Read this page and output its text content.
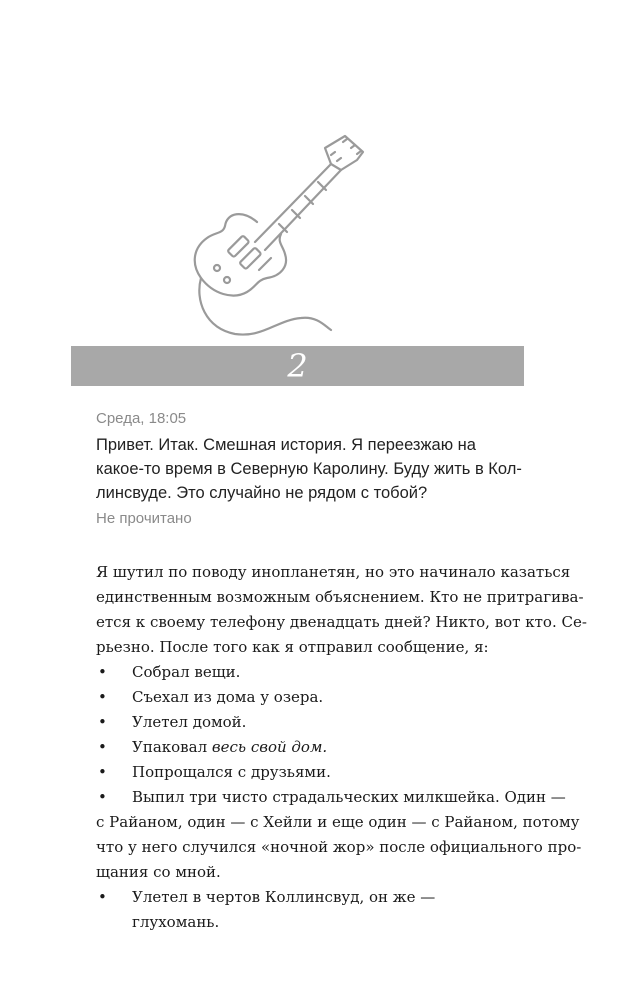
2
Среда, 18:05
Привет. Итак. Смешная история. Я переезжаю на
какое-то время в Северную Каролину. Буду жить в Кол-
линсвуде. Это случайно не рядом с тобой?
Не прочитано
Я шутил по поводу инопланетян, но это начинало казаться
единственным возможным объяснением. Кто не притрагива-
ется к своему телефону двенадцать дней? Никто, вот кто. Се-
рьезно. После того как я отправил сообщение, я:
• Собрал вещи.
• Съехал из дома у озера.
• Улетел домой.
• Упаковал весь свой дом.
• Попрощался с друзьями.
• Выпил три чисто страдальческих милкшейка. Один —
с Райаном, один — с Хейли и еще один — с Райаном, потому
что у него случился «ночной жор» после официального про-
щания со мной.
• Улетел в чертов Коллинсвуд, он же — глухомань.
